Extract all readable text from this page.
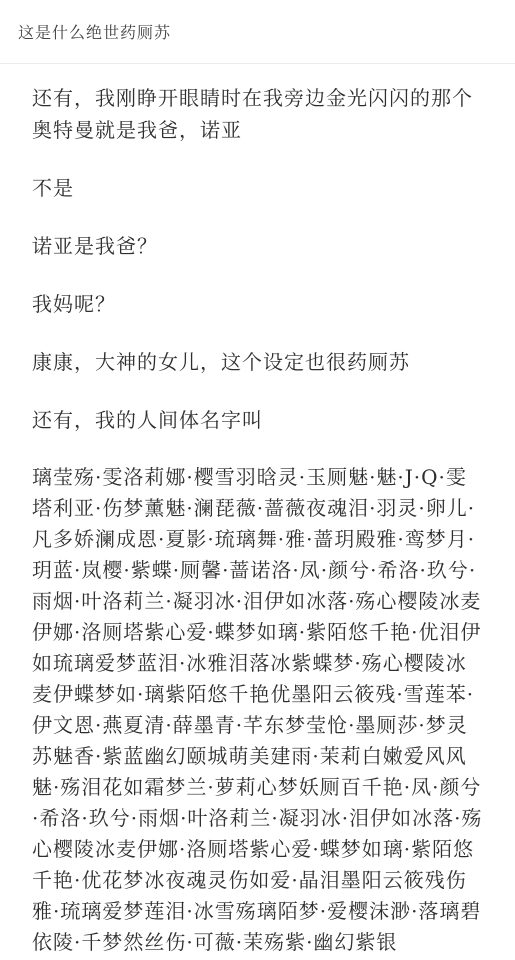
这是什么绝世药厕苏

还有，我刚睁开眼睛时在我旁边金光闪闪的那个奥特曼就是我爸，诺亚

不是

诺亚是我爸？

我妈呢？

康康，大神的女儿，这个设定也很药厕苏

还有，我的人间体名字叫

璃莹殇·雯洛莉娜·樱雪羽晗灵·玉厕魅·魅·J·Q·雯塔利亚·伤梦薰魅·澜琵薇·蔷薇夜魂泪·羽灵·卵儿·凡多娇澜成恩·夏影·琉璃舞·雅·蔷玥殿雅·鸾梦月·玥蓝·岚樱·紫蝶·厕馨·蔷诺洛·凤·颜兮·希洛·玖兮·雨烟·叶洛莉兰·凝羽冰·泪伊如冰落·殇心樱陵冰麦伊娜·洛厕塔紫心爱·蝶梦如璃·紫陌悠千艳·优泪伊如琉璃爱梦蓝泪·冰雅泪落冰紫蝶梦·殇心樱陵冰麦伊蝶梦如·璃紫陌悠千艳优墨阳云筱残·雪莲苯·伊文恩·燕夏清·薛墨青·芊东梦莹怆·墨厕莎·梦灵苏魅香·紫蓝幽幻颐城萌美建雨·茉莉白嫩爱风风魅·殇泪花如霜梦兰·萝莉心梦妖厕百千艳·凤·颜兮·希洛·玖兮·雨烟·叶洛莉兰·凝羽冰·泪伊如冰落·殇心樱陵冰麦伊娜·洛厕塔紫心爱·蝶梦如璃·紫陌悠千艳·优花梦冰夜魂灵伤如爱·晶泪墨阳云筱残伤雅·琉璃爱梦莲泪·冰雪殇璃陌梦·爱樱沫渺·落璃碧依陵·千梦然丝伤·可薇·茉殇紫·幽幻紫银
